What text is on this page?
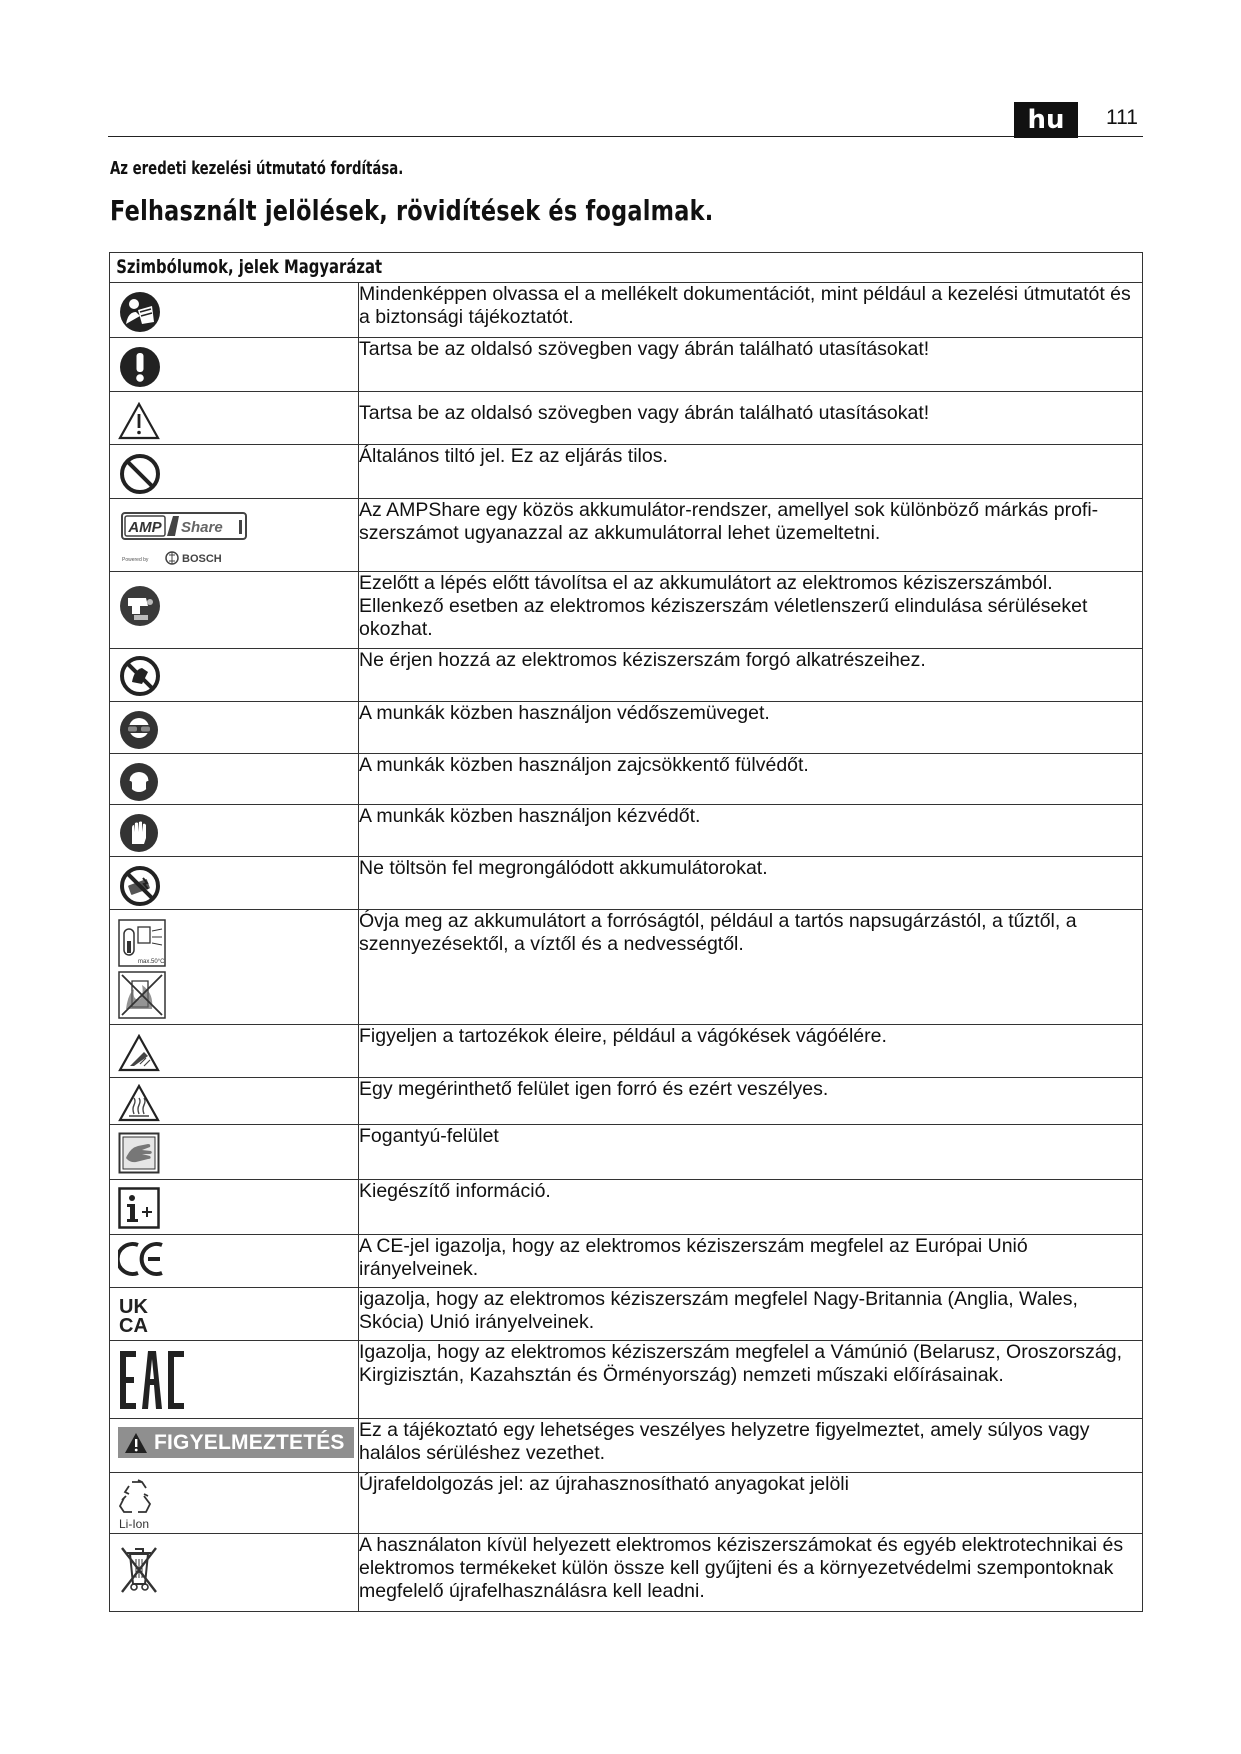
hu	111
Az eredeti kezelési útmutató fordítása.
Felhasznált jelölések, rövidítések és fogalmak.
Szimbólumok, jelek Magyarázat	

	Mindenképpen olvassa el a mellékelt dokumentációt, mint például a kezelési útmutatót és a biztonsági tájékoztatót.

	Tartsa be az oldalsó szövegben vagy ábrán található utasításokat!

	Tartsa be az oldalsó szövegben vagy ábrán található utasításokat!

	Általános tiltó jel. Ez az eljárás tilos.

AMP Share
Powered by BOSCH	Az AMPShare egy közös akkumulátor-rendszer, amellyel sok különböző márkás profi-szerszámot ugyanazzal az akkumulátorral lehet üzemeltetni.

	Ezelőtt a lépés előtt távolítsa el az akkumulátort az elektromos kéziszerszámból. Ellenkező esetben az elektromos kéziszerszám véletlenszerű elindulása sérüléseket okozhat.

	Ne érjen hozzá az elektromos kéziszerszám forgó alkatrészeihez.

	A munkák közben használjon védőszemüveget.

	A munkák közben használjon zajcsökkentő fülvédőt.

	A munkák közben használjon kézvédőt.

	Ne töltsön fel megrongálódott akkumulátorokat.

max.50°C	Óvja meg az akkumulátort a forróságtól, például a tartós napsugárzástól, a tűztől, a szennyezésektől, a víztől és a nedvességtől.

	Figyeljen a tartozékok éleire, például a vágókések vágóélére.

	Egy megérinthető felület igen forró és ezért veszélyes.

	Fogantyú-felület

	Kiegészítő információ.

	A CE-jel igazolja, hogy az elektromos kéziszerszám megfelel az Európai Unió irányelveinek.

UK
CA	igazolja, hogy az elektromos kéziszerszám megfelel Nagy-Britannia (Anglia, Wales, Skócia) Unió irányelveinek.

	Igazolja, hogy az elektromos kéziszerszám megfelel a Vámúnió (Belarusz, Oroszország, Kirgizisztán, Kazahsztán és Örményország) nemzeti műszaki előírásainak.

FIGYELMEZTETÉS	Ez a tájékoztató egy lehetséges veszélyes helyzetre figyelmeztet, amely súlyos vagy halálos sérüléshez vezethet.

Li-Ion	Újrafeldolgozás jel: az újrahasznosítható anyagokat jelöli

	A használaton kívül helyezett elektromos kéziszerszámokat és egyéb elektrotechnikai és elektromos termékeket külön össze kell gyűjteni és a környezetvédelmi szempontoknak megfelelő újrafelhasználásra kell leadni.
